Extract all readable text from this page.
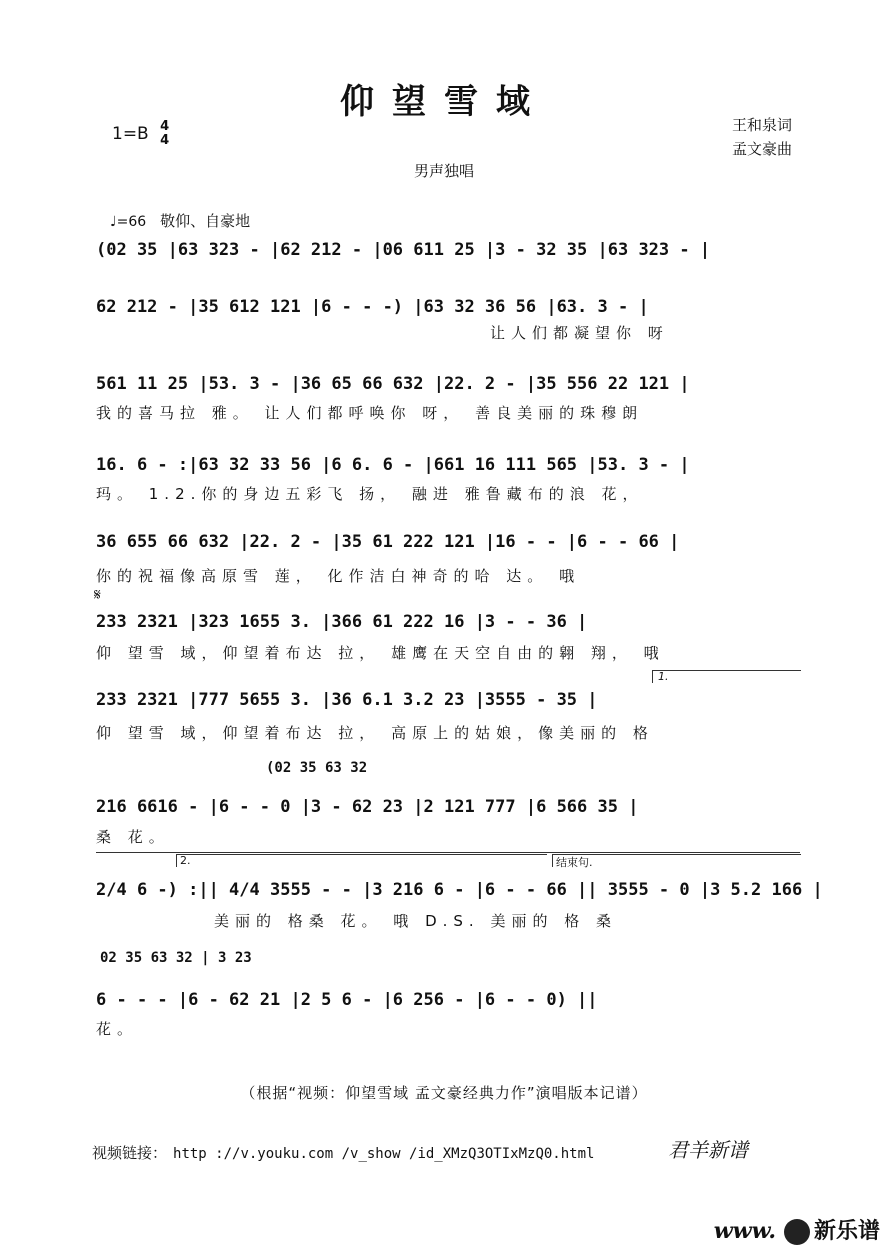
仰望雪域
1=B 4
4
王和泉词
孟文豪曲
男声独唱
♩=66 敬仰、自豪地
(02 35 |63 323 - |62 212 - |06 611 25 |3 - 32 35 |63 323 - |
62 212 - |35 612 121 |6 - - -) |63 32 36 56 |63. 3 - |
让人们都凝望你 呀
561 11 25 |53. 3 - |36 65 66 632 |22. 2 - |35 556 22 121 |
我的喜马拉 雅。 让人们都呼唤你 呀， 善良美丽的珠穆朗
16. 6 - :|63 32 33 56 |6 6. 6 - |661 16 111 565 |53. 3 - |
玛。 1.2.你的身边五彩飞 扬， 融进 雅鲁藏布的浪 花，
36 655 66 632 |22. 2 - |35 61 222 121 |16 - - |6 - - 66 |
你的祝福像高原雪 莲， 化作洁白神奇的哈 达。 哦
𝄋
233 2321 |323 1655 3. |366 61 222 16 |3 - - 36 |
仰 望雪 域，仰望着布达 拉， 雄鹰在天空自由的翱 翔， 哦
1.
233 2321 |777 5655 3. |36 6.1 3.2 23 |3555 - 35 |
仰 望雪 域，仰望着布达 拉， 高原上的姑娘，像美丽的 格
(02 35 63 32
216 6616 - |6 - - 0 |3 - 62 23 |2 121 777 |6 566 35 |
桑 花。
2.	结束句.
2/4 6 -) :|| 4/4 3555 - - |3 216 6 - |6 - - 66 || 3555 - 0 |3 5.2 166 |
美丽的 格桑 花。 哦 D.S. 美丽的 格 桑
02 35 63 32 | 3 23
6 - - - |6 - 62 21 |2 5 6 - |6 256 - |6 - - 0) ||
花。
（根据“视频：仰望雪域 孟文豪经典力作”演唱版本记谱）
视频链接： http ://v.youku.com /v_show /id_XMzQ3OTIxMzQ0.html	君羊新谱
www. 新乐谱
